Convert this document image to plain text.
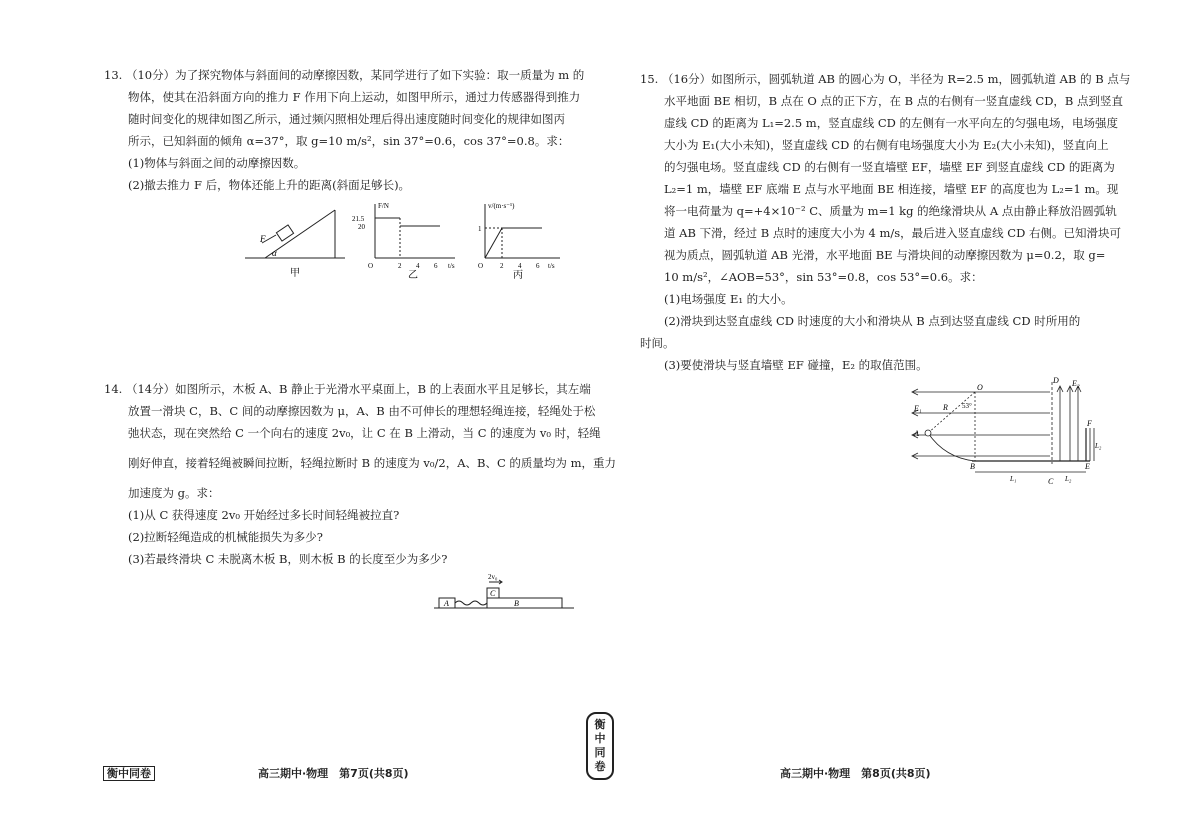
13. （10分）为了探究物体与斜面间的动摩擦因数，某同学进行了如下实验：取一质量为 m 的
物体，使其在沿斜面方向的推力 F 作用下向上运动，如图甲所示，通过力传感器得到推力
随时间变化的规律如图乙所示，通过频闪照相处理后得出速度随时间变化的规律如图丙
所示，已知斜面的倾角 α=37°，取 g=10 m/s²，sin 37°=0.6，cos 37°=0.8。求：
(1)物体与斜面之间的动摩擦因数。
(2)撤去推力 F 后，物体还能上升的距离(斜面足够长)。
F
α
甲
F/N
21.5
20
O	2 4 6 t/s
乙
v/(m·s⁻¹)
1
O 2 4 6 t/s
丙
14. （14分）如图所示，木板 A、B 静止于光滑水平桌面上，B 的上表面水平且足够长，其左端
放置一滑块 C，B、C 间的动摩擦因数为 μ，A、B 由不可伸长的理想轻绳连接，轻绳处于松
弛状态，现在突然给 C 一个向右的速度 2v₀，让 C 在 B 上滑动，当 C 的速度为 v₀ 时，轻绳
刚好伸直，接着轻绳被瞬间拉断，轻绳拉断时 B 的速度为 v₀/2，A、B、C 的质量均为 m，重力
加速度为 g。求：
(1)从 C 获得速度 2v₀ 开始经过多长时间轻绳被拉直?
(2)拉断轻绳造成的机械能损失为多少?
(3)若最终滑块 C 未脱离木板 B，则木板 B 的长度至少为多少?
A	B
C
2v₀
15. （16分）如图所示，圆弧轨道 AB 的圆心为 O，半径为 R=2.5 m，圆弧轨道 AB 的 B 点与
水平地面 BE 相切，B 点在 O 点的正下方，在 B 点的右侧有一竖直虚线 CD，B 点到竖直
虚线 CD 的距离为 L₁=2.5 m，竖直虚线 CD 的左侧有一水平向左的匀强电场，电场强度
大小为 E₁(大小未知)，竖直虚线 CD 的右侧有电场强度大小为 E₂(大小未知)，竖直向上
的匀强电场。竖直虚线 CD 的右侧有一竖直墙壁 EF，墙壁 EF 到竖直虚线 CD 的距离为
L₂=1 m，墙壁 EF 底端 E 点与水平地面 BE 相连接，墙壁 EF 的高度也为 L₂=1 m。现
将一电荷量为 q=+4×10⁻² C、质量为 m=1 kg 的绝缘滑块从 A 点由静止释放沿圆弧轨
道 AB 下滑，经过 B 点时的速度大小为 4 m/s，最后进入竖直虚线 CD 右侧。已知滑块可
视为质点，圆弧轨道 AB 光滑，水平地面 BE 与滑块间的动摩擦因数为 μ=0.2，取 g=
10 m/s²，∠AOB=53°，sin 53°=0.8，cos 53°=0.6。求：
(1)电场强度 E₁ 的大小。
(2)滑块到达竖直虚线 CD 时速度的大小和滑块从 B 点到达竖直虚线 CD 时所用的
时间。
(3)要使滑块与竖直墙壁 EF 碰撞，E₂ 的取值范围。
O
D E₂
E₁	R 53°
A
B
C
E
F
L₁	L₂
L₂
衡中同卷	高三期中·物理　第7页(共8页)	高三期中·物理　第8页(共8页)
衡
中
同
卷
